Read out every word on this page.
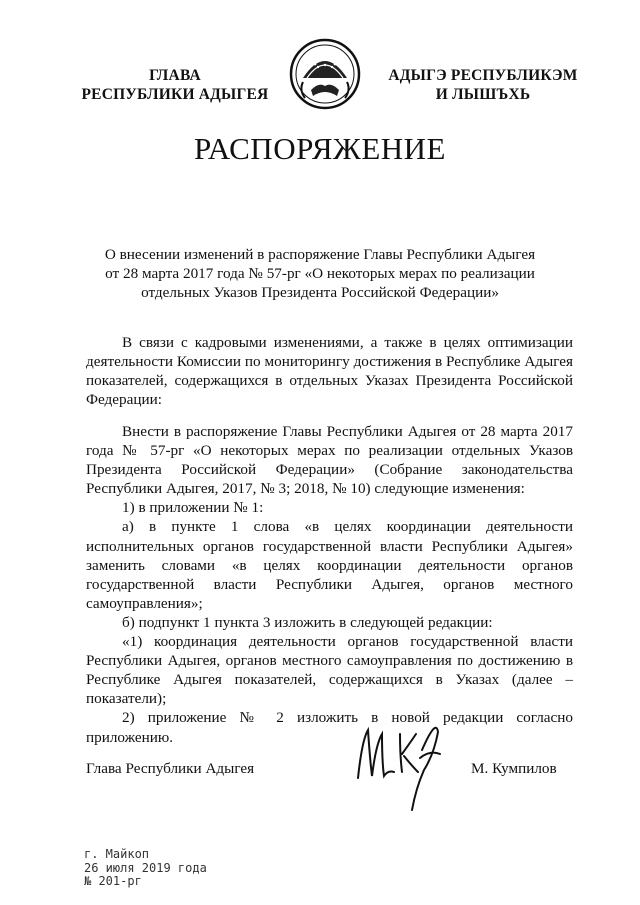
ГЛАВА
РЕСПУБЛИКИ АДЫГЕЯ
АДЫГЭ РЕСПУБЛИКЭМ
И ЛЫШЪХЬ
РАСПОРЯЖЕНИЕ
О внесении изменений в распоряжение Главы Республики Адыгея
от 28 марта 2017 года № 57-рг «О некоторых мерах по реализации
отдельных Указов Президента Российской Федерации»

В связи с кадровыми изменениями, а также в целях оптимизации деятельности Комиссии по мониторингу достижения в Республике Адыгея показателей, содержащихся в отдельных Указах Президента Российской Федерации:

Внести в распоряжение Главы Республики Адыгея от 28 марта 2017 года № 57-рг «О некоторых мерах по реализации отдельных Указов Президента Российской Федерации» (Собрание законодательства Республики Адыгея, 2017, № 3; 2018, № 10) следующие изменения:

1) в приложении № 1:

а) в пункте 1 слова «в целях координации деятельности исполнительных органов государственной власти Республики Адыгея» заменить словами «в целях координации деятельности органов государственной власти Республики Адыгея, органов местного самоуправления»;

б) подпункт 1 пункта 3 изложить в следующей редакции:

«1) координация деятельности органов государственной власти Республики Адыгея, органов местного самоуправления по достижению в Республике Адыгея показателей, содержащихся в Указах (далее – показатели);

2) приложение № 2 изложить в новой редакции согласно приложению.

Глава Республики Адыгея	М. Кумпилов
г. Майкоп
26 июля 2019 года
№ 201-рг
